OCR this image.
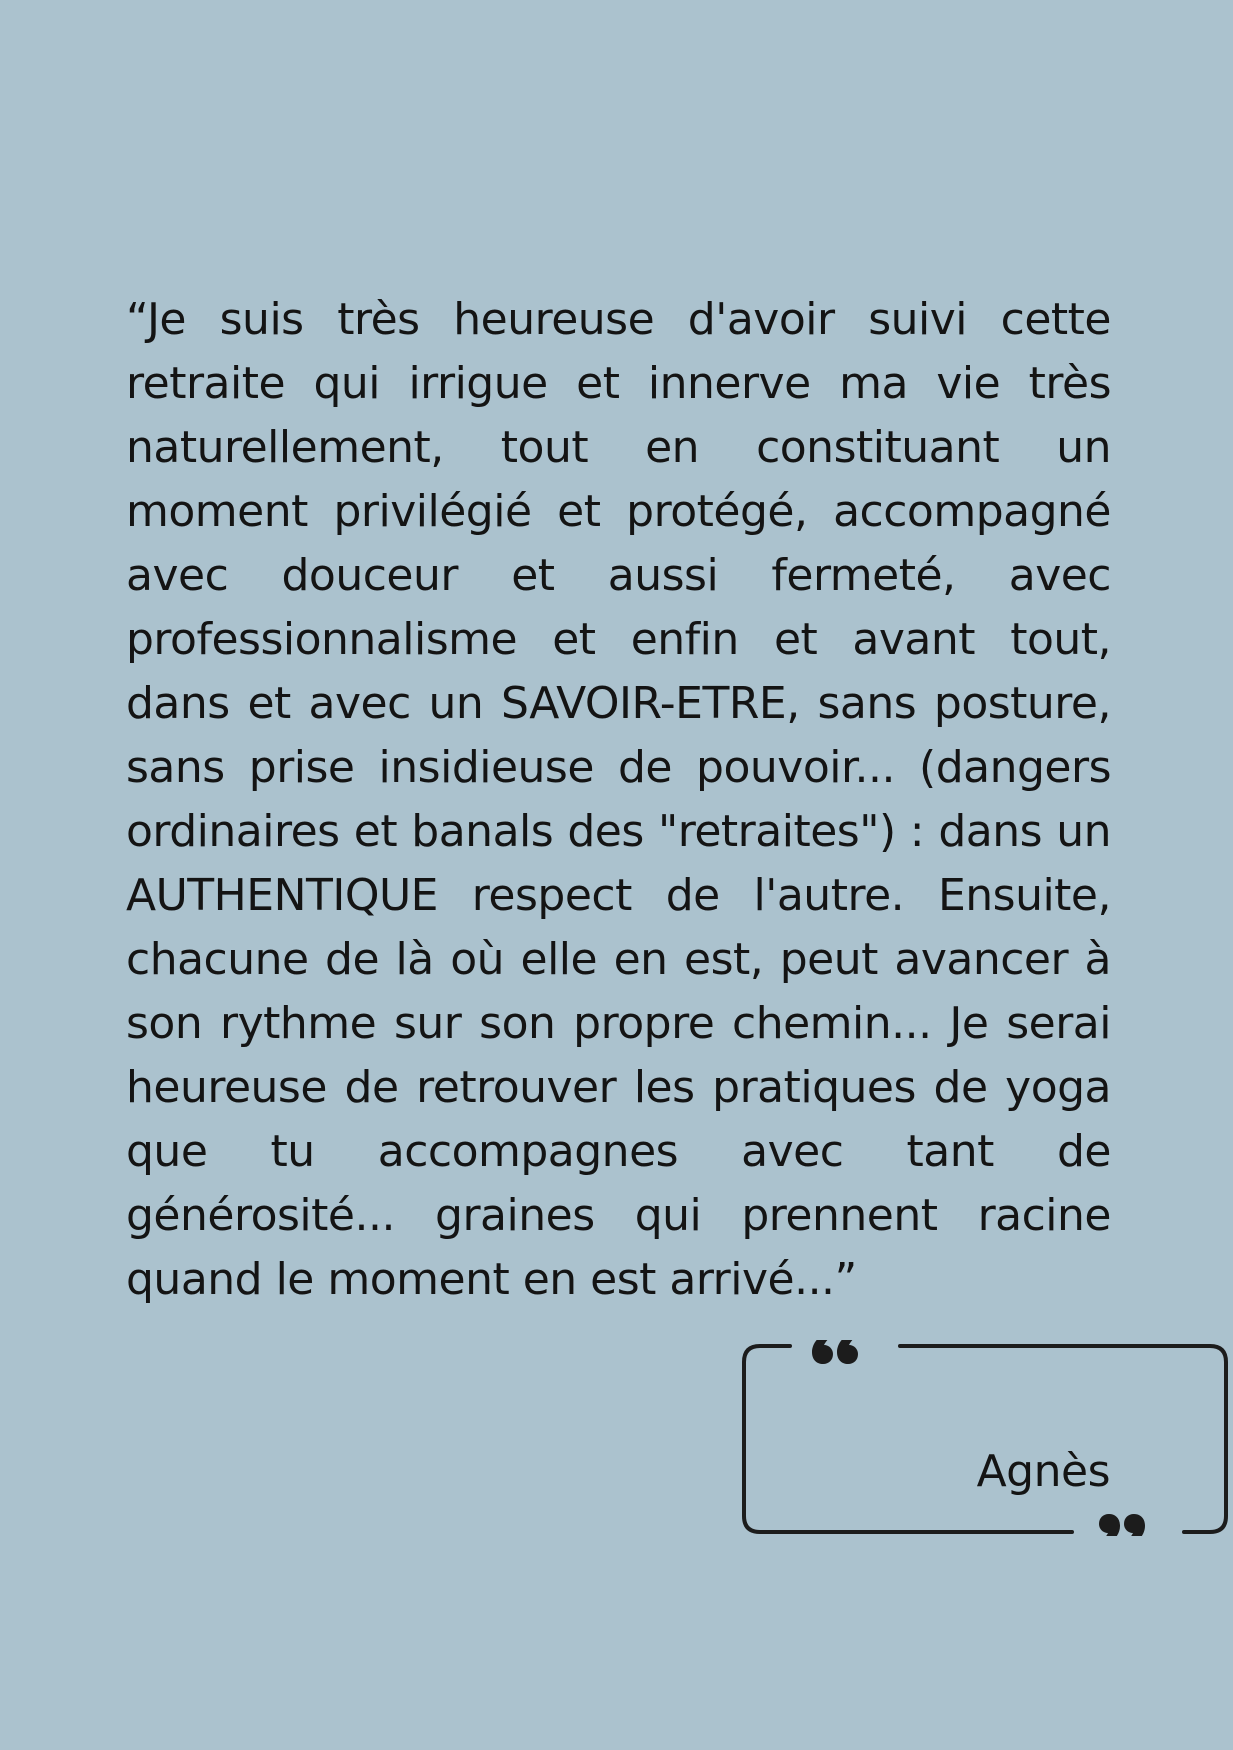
“Je suis très heureuse d'avoir suivi cette retraite qui irrigue et innerve ma vie très naturellement, tout en constituant un moment privilégié et protégé, accompagné avec douceur et aussi fermeté, avec professionnalisme et enfin et avant tout, dans et avec un SAVOIR-ETRE, sans posture, sans prise insidieuse de pouvoir... (dangers ordinaires et banals des "retraites") : dans un AUTHENTIQUE respect de l'autre. Ensuite, chacune de là où elle en est, peut avancer à son rythme sur son propre chemin... Je serai heureuse de retrouver les pratiques de yoga que tu accompagnes avec tant de générosité... graines qui prennent racine quand le moment en est arrivé...”

Agnès
